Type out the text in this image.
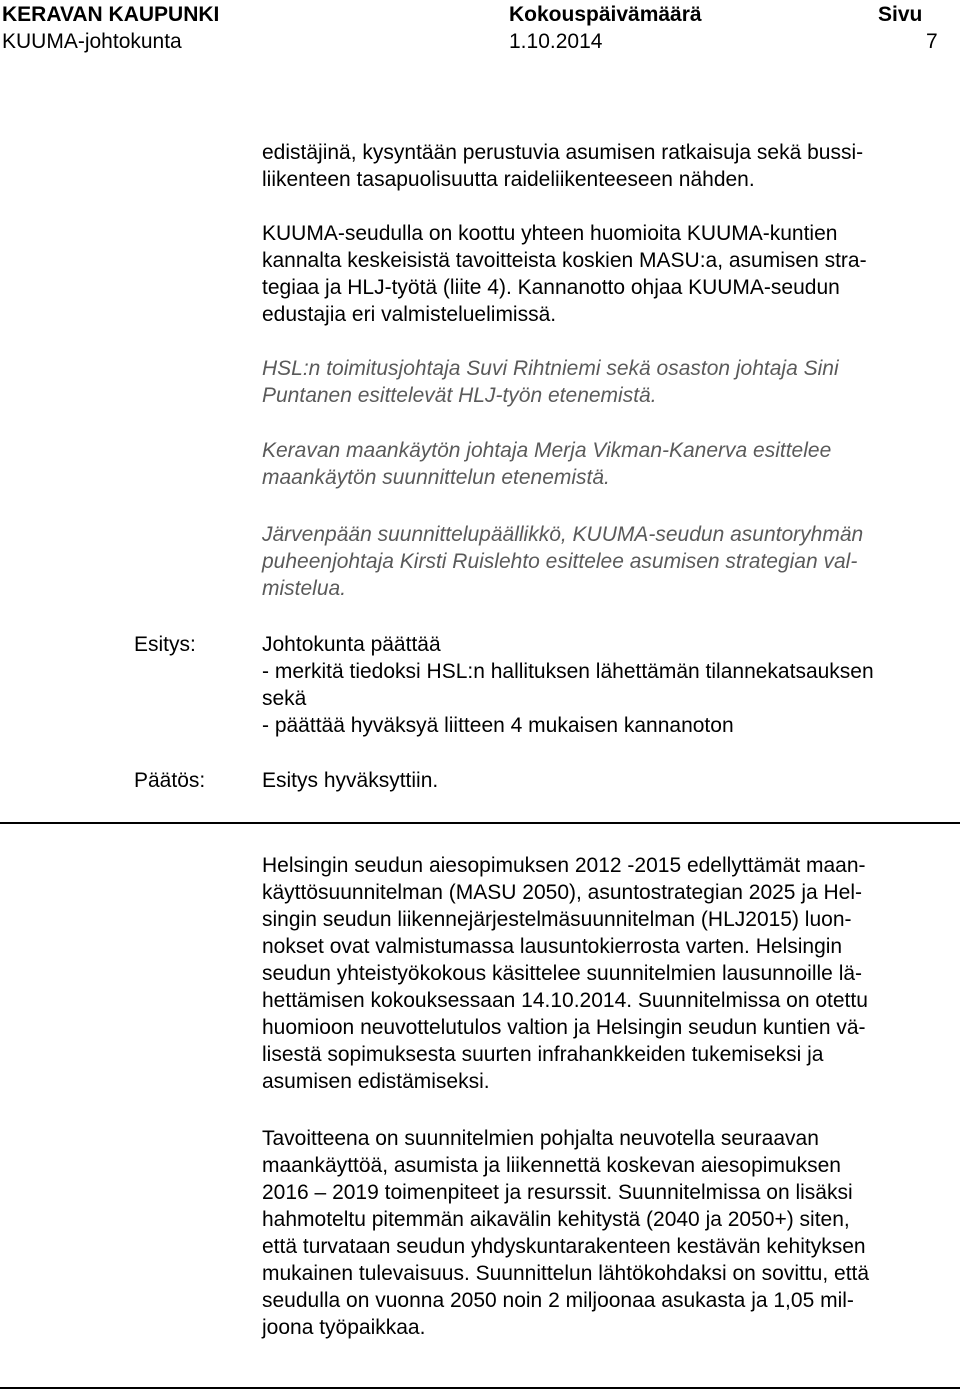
KERAVAN KAUPUNKI
KUUMA-johtokunta
Kokouspäivämäärä
1.10.2014
Sivu
7
edistäjinä, kysyntään perustuvia asumisen ratkaisuja sekä bussi-
liikenteen tasapuolisuutta raideliikenteeseen nähden.
KUUMA-seudulla on koottu yhteen huomioita KUUMA-kuntien
kannalta keskeisistä tavoitteista koskien MASU:a, asumisen stra-
tegiaa ja HLJ-työtä (liite 4). Kannanotto ohjaa KUUMA-seudun
edustajia eri valmisteluelimissä.
HSL:n toimitusjohtaja Suvi Rihtniemi sekä osaston johtaja Sini
Puntanen esittelevät HLJ-työn etenemistä.
Keravan maankäytön johtaja Merja Vikman-Kanerva esittelee
maankäytön suunnittelun etenemistä.
Järvenpään suunnittelupäällikkö, KUUMA-seudun asuntoryhmän
puheenjohtaja Kirsti Ruislehto esittelee asumisen strategian val-
mistelua.
Esitys:	Johtokunta päättää
- merkitä tiedoksi HSL:n hallituksen lähettämän tilannekatsauksen
sekä
- päättää hyväksyä liitteen 4 mukaisen kannanoton
Päätös:	Esitys hyväksyttiin.
Helsingin seudun aiesopimuksen 2012 -2015 edellyttämät maan-
käyttösuunnitelman (MASU 2050), asuntostrategian 2025 ja Hel-
singin seudun liikennejärjestelmäsuunnitelman (HLJ2015) luon-
nokset ovat valmistumassa lausuntokierrosta varten. Helsingin
seudun yhteistyökokous käsittelee suunnitelmien lausunnoille lä-
hettämisen kokouksessaan 14.10.2014. Suunnitelmissa on otettu
huomioon neuvottelutulos valtion ja Helsingin seudun kuntien vä-
lisestä sopimuksesta suurten infrahankkeiden tukemiseksi ja
asumisen edistämiseksi.
Tavoitteena on suunnitelmien pohjalta neuvotella seuraavan
maankäyttöä, asumista ja liikennettä koskevan aiesopimuksen
2016 – 2019 toimenpiteet ja resurssit. Suunnitelmissa on lisäksi
hahmoteltu pitemmän aikavälin kehitystä (2040 ja 2050+) siten,
että turvataan seudun yhdyskuntarakenteen kestävän kehityksen
mukainen tulevaisuus. Suunnittelun lähtökohdaksi on sovittu, että
seudulla on vuonna 2050 noin 2 miljoonaa asukasta ja 1,05 mil-
joona työpaikkaa.
